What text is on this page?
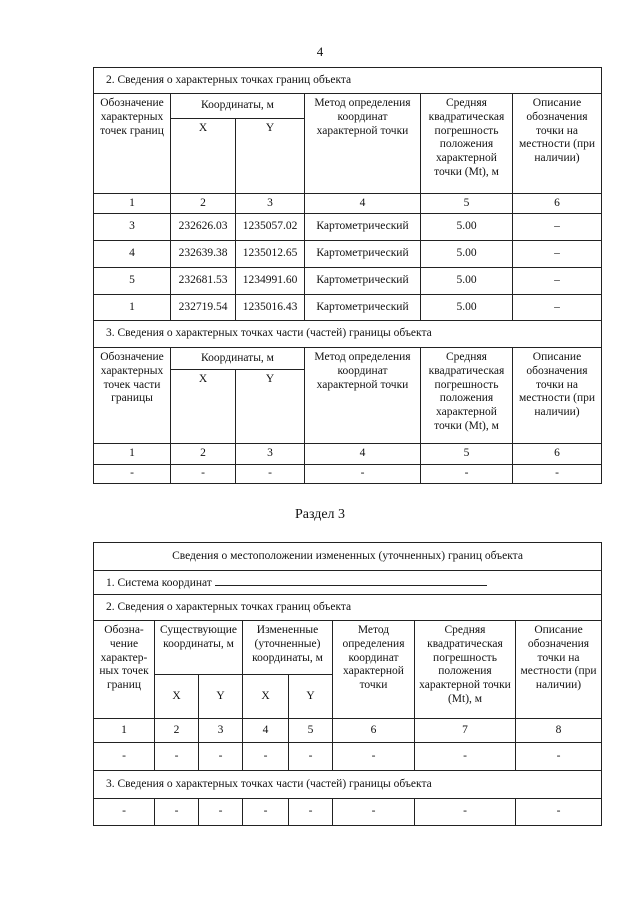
4
2. Сведения о характерных точках границ объекта					
Обозначение характерных точек границ	Координаты, м		Метод определения координат характерной точки	Средняя квадратическая погрешность положения характерной точки (Mt), м	Описание обозначения точки на местности (при наличии)
	X	Y			
1	2	3	4	5	6
3	232626.03	1235057.02	Картометрический	5.00	–
4	232639.38	1235012.65	Картометрический	5.00	–
5	232681.53	1234991.60	Картометрический	5.00	–
1	232719.54	1235016.43	Картометрический	5.00	–
3. Сведения о характерных точках части (частей) границы объекта					
Обозначение характерных точек части границы	Координаты, м		Метод определения координат характерной точки	Средняя квадратическая погрешность положения характерной точки (Mt), м	Описание обозначения точки на местности (при наличии)
	X	Y			
1	2	3	4	5	6
-	-	-	-	-	-
Раздел 3
Сведения о местоположении измененных (уточненных) границ объекта							
1. Система координат							
2. Сведения о характерных точках границ объекта							
Обозна-чение характер-ных точек границ	Существующие координаты, м		Измененные (уточненные) координаты, м		Метод определения координат характерной точки	Средняя квадратическая погрешность положения характерной точки (Mt), м	Описание обозначения точки на местности (при наличии)
	X	Y	X	Y			
1	2	3	4	5	6	7	8
-	-	-	-	-	-	-	-
3. Сведения о характерных точках части (частей) границы объекта							
-	-	-	-	-	-	-	-
